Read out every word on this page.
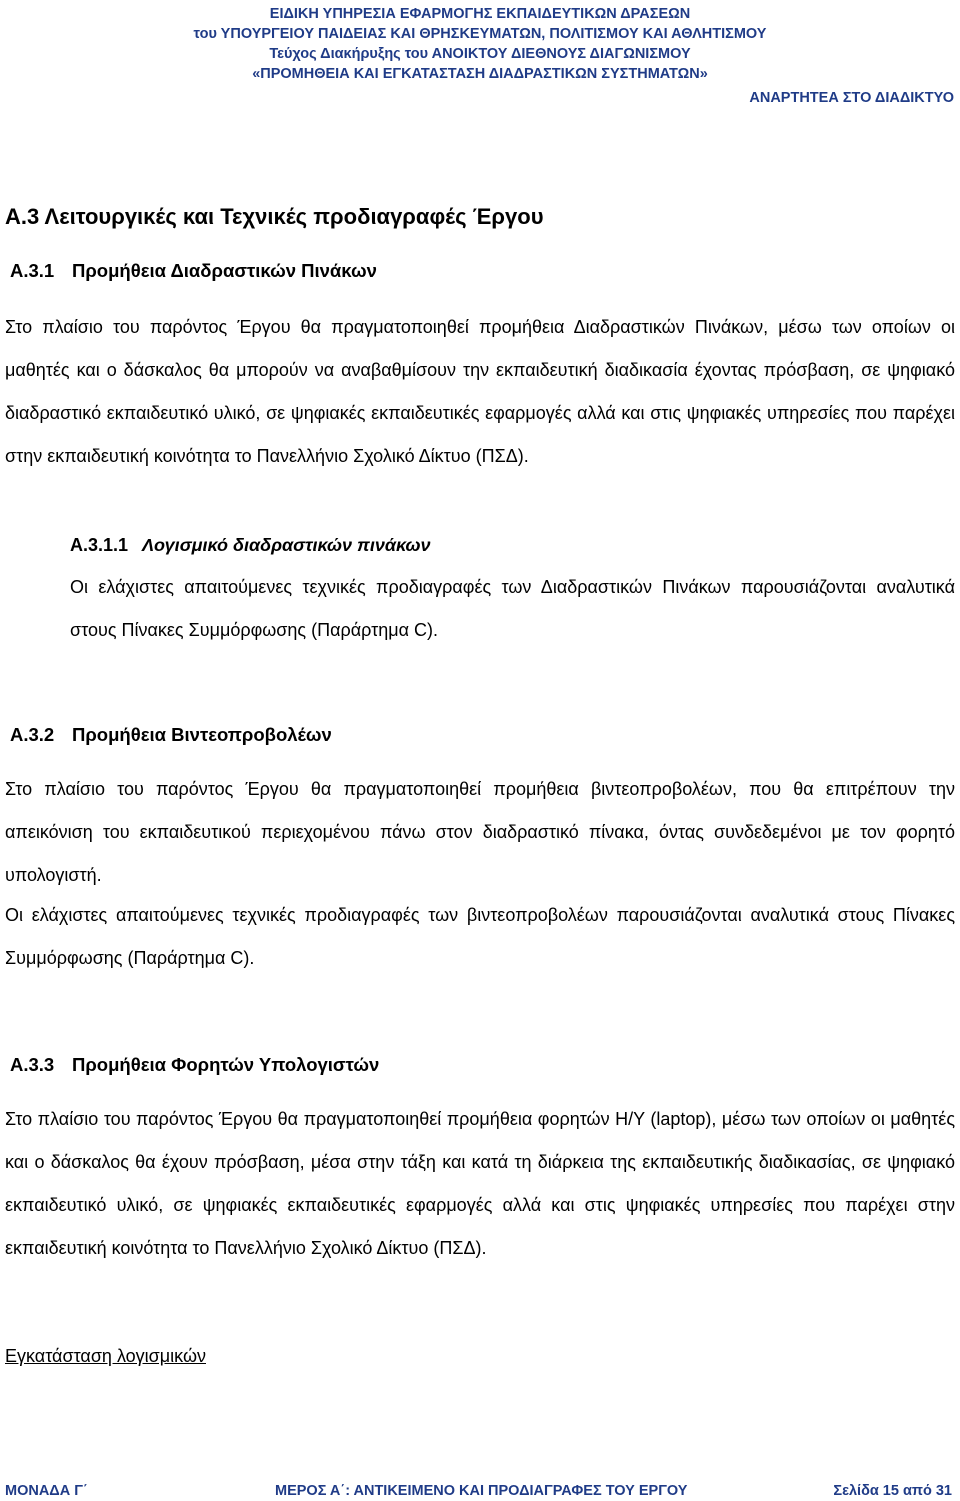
ΕΙΔΙΚΗ ΥΠΗΡΕΣΙΑ ΕΦΑΡΜΟΓΗΣ ΕΚΠΑΙΔΕΥΤΙΚΩΝ ΔΡΑΣΕΩΝ
του ΥΠΟΥΡΓΕΙΟΥ ΠΑΙΔΕΙΑΣ ΚΑΙ ΘΡΗΣΚΕΥΜΑΤΩΝ, ΠΟΛΙΤΙΣΜΟΥ ΚΑΙ ΑΘΛΗΤΙΣΜΟΥ
Τεύχος Διακήρυξης του ΑΝΟΙΚΤΟΥ ΔΙΕΘΝΟΥΣ ΔΙΑΓΩΝΙΣΜΟΥ
«ΠΡΟΜΗΘΕΙΑ ΚΑΙ ΕΓΚΑΤΑΣΤΑΣΗ ΔΙΑΔΡΑΣΤΙΚΩΝ ΣΥΣΤΗΜΑΤΩΝ»
ΑΝΑΡΤΗΤΕΑ ΣΤΟ ΔΙΑΔΙΚΤΥΟ
Α.3 Λειτουργικές και Τεχνικές προδιαγραφές Έργου
Α.3.1 Προμήθεια Διαδραστικών Πινάκων
Στο πλαίσιο του παρόντος Έργου θα πραγματοποιηθεί προμήθεια Διαδραστικών Πινάκων, μέσω των οποίων οι μαθητές και ο δάσκαλος θα μπορούν να αναβαθμίσουν την εκπαιδευτική διαδικασία έχοντας πρόσβαση, σε ψηφιακό διαδραστικό εκπαιδευτικό υλικό, σε ψηφιακές εκπαιδευτικές εφαρμογές αλλά και στις ψηφιακές υπηρεσίες που παρέχει στην εκπαιδευτική κοινότητα το Πανελλήνιο Σχολικό Δίκτυο (ΠΣΔ).
Α.3.1.1 Λογισμικό διαδραστικών πινάκων
Οι ελάχιστες απαιτούμενες τεχνικές προδιαγραφές των Διαδραστικών Πινάκων παρουσιάζονται αναλυτικά στους Πίνακες Συμμόρφωσης (Παράρτημα C).
Α.3.2 Προμήθεια Βιντεοπροβολέων
Στο πλαίσιο του παρόντος Έργου θα πραγματοποιηθεί προμήθεια βιντεοπροβολέων, που θα επιτρέπουν την απεικόνιση του εκπαιδευτικού περιεχομένου πάνω στον διαδραστικό πίνακα, όντας συνδεδεμένοι με τον φορητό υπολογιστή.
Οι ελάχιστες απαιτούμενες τεχνικές προδιαγραφές των βιντεοπροβολέων παρουσιάζονται αναλυτικά στους Πίνακες Συμμόρφωσης (Παράρτημα C).
Α.3.3 Προμήθεια Φορητών Υπολογιστών
Στο πλαίσιο του παρόντος Έργου θα πραγματοποιηθεί προμήθεια φορητών Η/Υ (laptop), μέσω των οποίων οι μαθητές και ο δάσκαλος θα έχουν πρόσβαση, μέσα στην τάξη και κατά τη διάρκεια της εκπαιδευτικής διαδικασίας, σε ψηφιακό εκπαιδευτικό υλικό, σε ψηφιακές εκπαιδευτικές εφαρμογές αλλά και στις ψηφιακές υπηρεσίες που παρέχει στην εκπαιδευτική κοινότητα το Πανελλήνιο Σχολικό Δίκτυο (ΠΣΔ).
Εγκατάσταση λογισμικών
ΜΟΝΑΔΑ Γ΄	ΜΕΡΟΣ Α΄: ΑΝΤΙΚΕΙΜΕΝΟ ΚΑΙ ΠΡΟΔΙΑΓΡΑΦΕΣ ΤΟΥ ΕΡΓΟΥ	Σελίδα 15 από 31
